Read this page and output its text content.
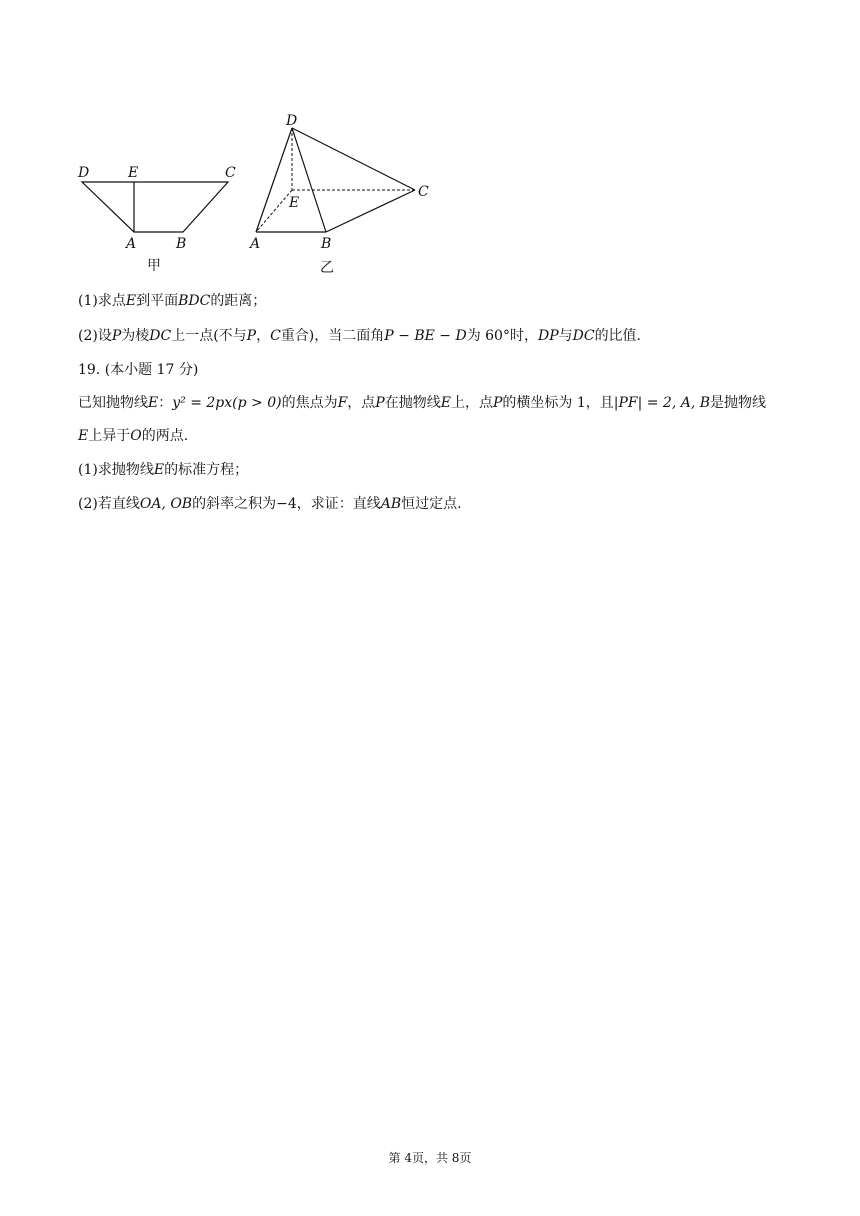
D	E	C
A	B
甲
D
E
C
A	B
乙
(1)求点E到平面BDC的距离；
(2)设P为棱DC上一点(不与P，C重合)，当二面角P − BE − D为 60°时，DP与DC的比值.
19. (本小题 17 分)
已知抛物线E：y² = 2px(p > 0)的焦点为F，点P在抛物线E上，点P的横坐标为 1，且|PF| = 2, A, B是抛物线
E上异于O的两点.
(1)求抛物线E的标准方程；
(2)若直线OA, OB的斜率之积为−4，求证：直线AB恒过定点.
第 4页，共 8页
